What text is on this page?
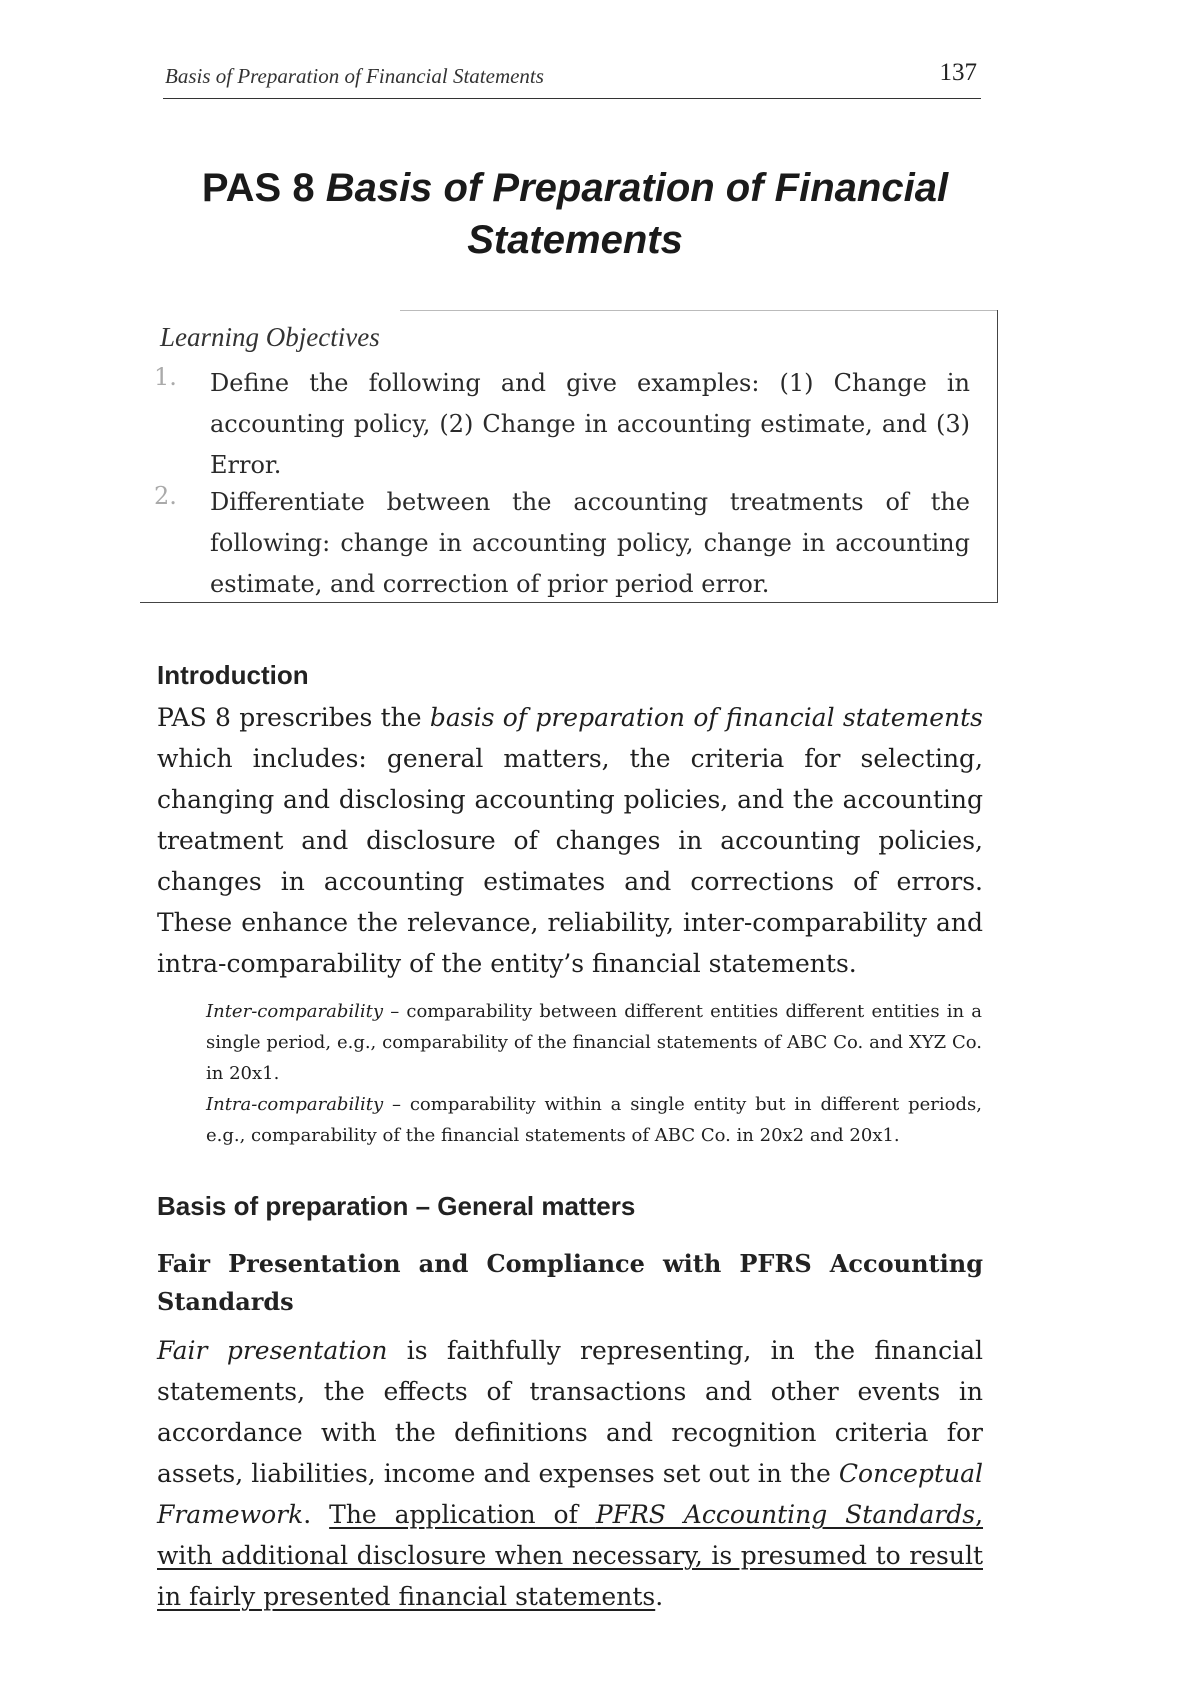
Basis of Preparation of Financial Statements	137
PAS 8 Basis of Preparation of Financial Statements
Learning Objectives
1. Define the following and give examples: (1) Change in accounting policy, (2) Change in accounting estimate, and (3) Error.
2. Differentiate between the accounting treatments of the following: change in accounting policy, change in accounting estimate, and correction of prior period error.
Introduction
PAS 8 prescribes the basis of preparation of financial statements which includes: general matters, the criteria for selecting, changing and disclosing accounting policies, and the accounting treatment and disclosure of changes in accounting policies, changes in accounting estimates and corrections of errors. These enhance the relevance, reliability, inter-comparability and intra-comparability of the entity’s financial statements.
Inter-comparability – comparability between different entities different entities in a single period, e.g., comparability of the financial statements of ABC Co. and XYZ Co. in 20x1.
Intra-comparability – comparability within a single entity but in different periods, e.g., comparability of the financial statements of ABC Co. in 20x2 and 20x1.
Basis of preparation – General matters
Fair Presentation and Compliance with PFRS Accounting Standards
Fair presentation is faithfully representing, in the financial statements, the effects of transactions and other events in accordance with the definitions and recognition criteria for assets, liabilities, income and expenses set out in the Conceptual Framework. The application of PFRS Accounting Standards, with additional disclosure when necessary, is presumed to result in fairly presented financial statements.
